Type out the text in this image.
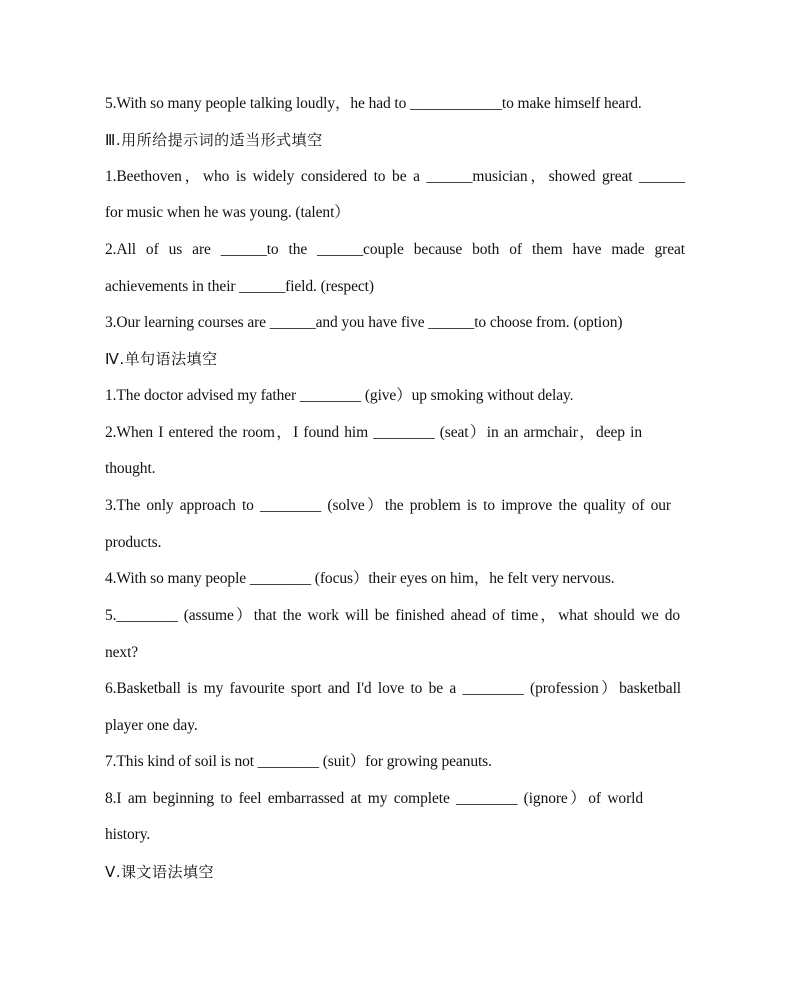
5.With so many people talking loudly，he had to ____________to make himself heard.
Ⅲ.用所给提示词的适当形式填空
1.Beethoven，who is widely considered to be a ______musician，showed great ______
for music when he was young. (talent）
2.All of us are ______to the ______couple because both of them have made great
achievements in their ______field. (respect)
3.Our learning courses are ______and you have five ______to choose from. (option)
Ⅳ.单句语法填空
1.The doctor advised my father ________ (give）up smoking without delay.
2.When I entered the room，I found him ________ (seat）in an armchair，deep in
thought.
3.The only approach to ________ (solve）the problem is to improve the quality of our
products.
4.With so many people ________ (focus）their eyes on him，he felt very nervous.
5.________ (assume）that the work will be finished ahead of time，what should we do
next?
6.Basketball is my favourite sport and I'd love to be a ________ (profession）basketball
player one day.
7.This kind of soil is not ________ (suit）for growing peanuts.
8.I am beginning to feel embarrassed at my complete ________ (ignore）of world
history.
Ⅴ.课文语法填空
